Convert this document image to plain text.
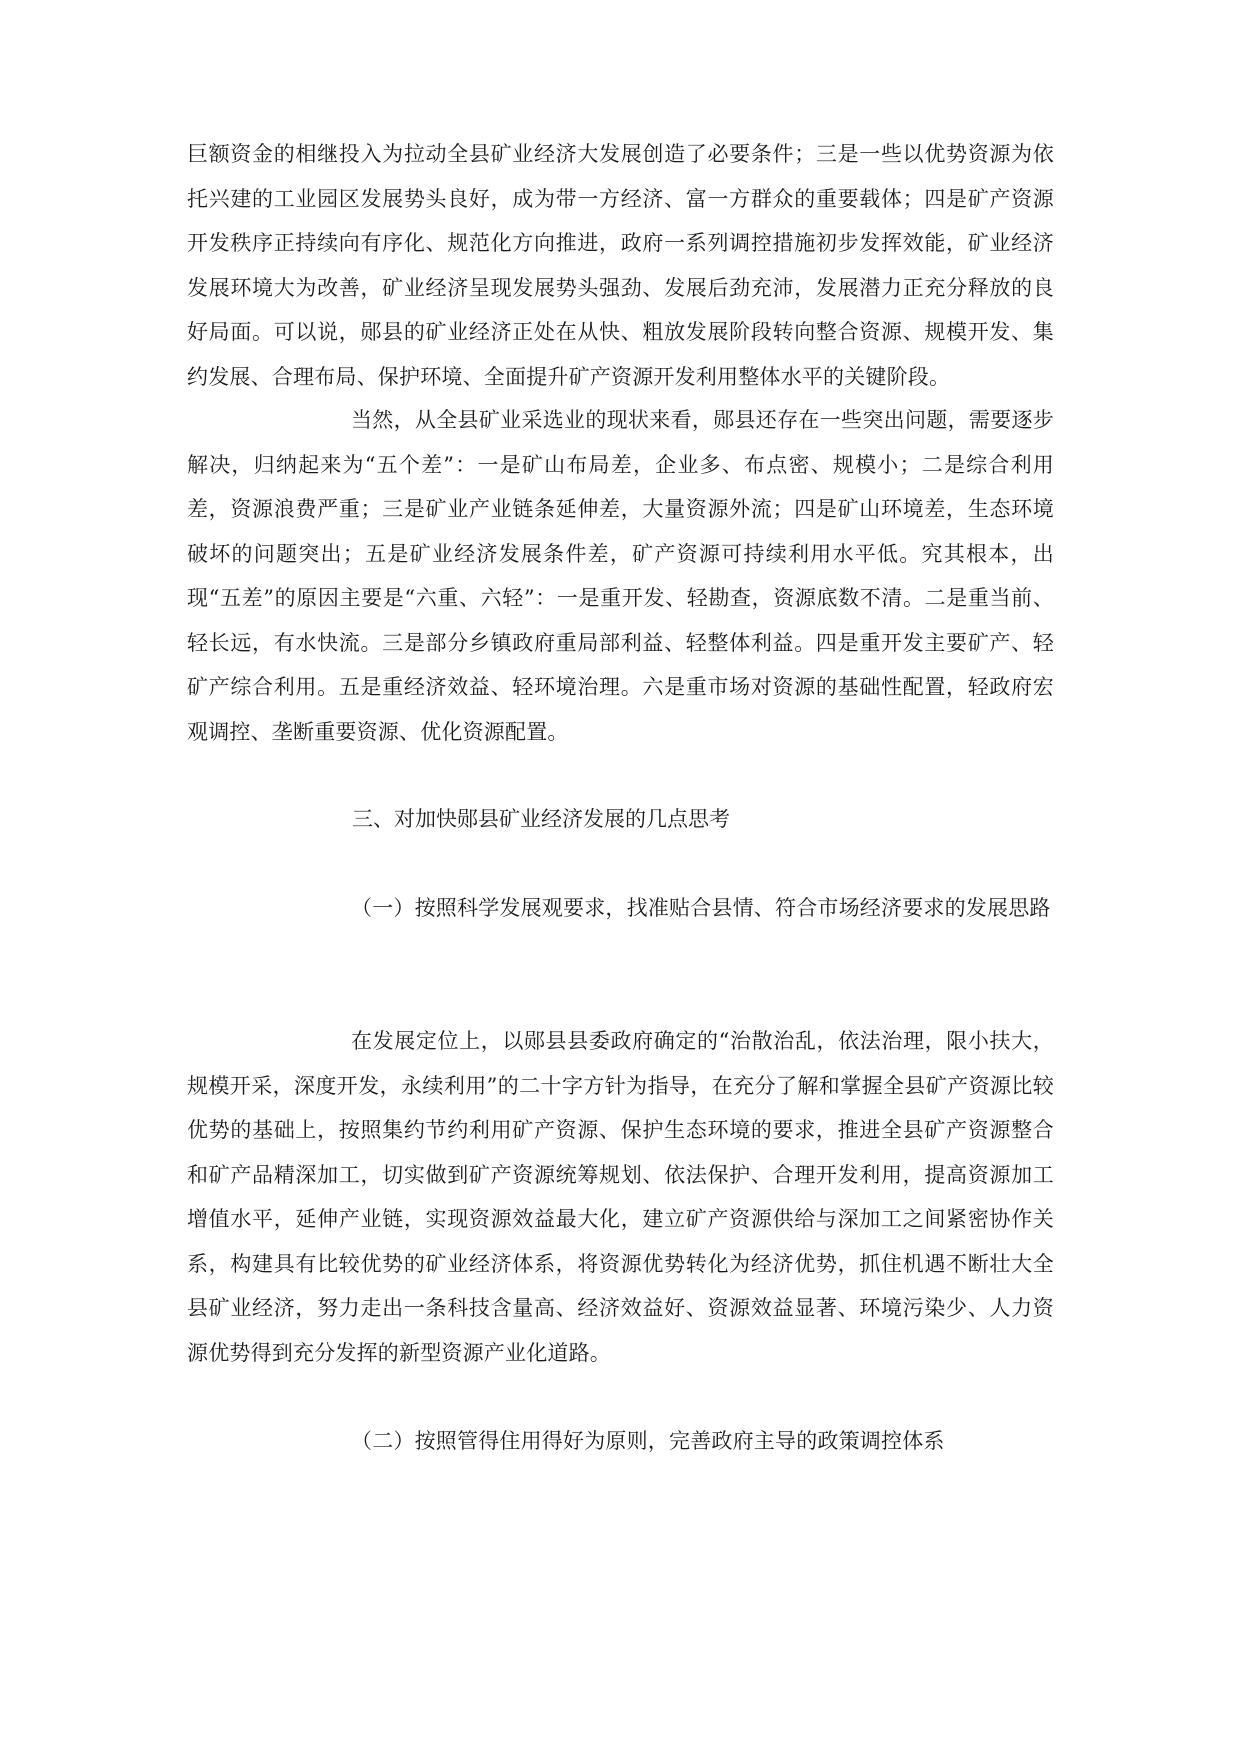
巨额资金的相继投入为拉动全县矿业经济大发展创造了必要条件；三是一些以优势资源为依托兴建的工业园区发展势头良好，成为带一方经济、富一方群众的重要载体；四是矿产资源开发秩序正持续向有序化、规范化方向推进，政府一系列调控措施初步发挥效能，矿业经济发展环境大为改善，矿业经济呈现发展势头强劲、发展后劲充沛，发展潜力正充分释放的良好局面。可以说，郧县的矿业经济正处在从快、粗放发展阶段转向整合资源、规模开发、集约发展、合理布局、保护环境、全面提升矿产资源开发利用整体水平的关键阶段。

当然，从全县矿业采选业的现状来看，郧县还存在一些突出问题，需要逐步解决，归纳起来为“五个差”：一是矿山布局差，企业多、布点密、规模小；二是综合利用差，资源浪费严重；三是矿业产业链条延伸差，大量资源外流；四是矿山环境差，生态环境破坏的问题突出；五是矿业经济发展条件差，矿产资源可持续利用水平低。究其根本，出现“五差”的原因主要是“六重、六轻”：一是重开发、轻勘查，资源底数不清。二是重当前、轻长远，有水快流。三是部分乡镇政府重局部利益、轻整体利益。四是重开发主要矿产、轻矿产综合利用。五是重经济效益、轻环境治理。六是重市场对资源的基础性配置，轻政府宏观调控、垄断重要资源、优化资源配置。

三、对加快郧县矿业经济发展的几点思考

（一）按照科学发展观要求，找准贴合县情、符合市场经济要求的发展思路

在发展定位上，以郧县县委政府确定的“治散治乱，依法治理，限小扶大，规模开采，深度开发，永续利用”的二十字方针为指导，在充分了解和掌握全县矿产资源比较优势的基础上，按照集约节约利用矿产资源、保护生态环境的要求，推进全县矿产资源整合和矿产品精深加工，切实做到矿产资源统筹规划、依法保护、合理开发利用，提高资源加工增值水平，延伸产业链，实现资源效益最大化，建立矿产资源供给与深加工之间紧密协作关系，构建具有比较优势的矿业经济体系，将资源优势转化为经济优势，抓住机遇不断壮大全县矿业经济，努力走出一条科技含量高、经济效益好、资源效益显著、环境污染少、人力资源优势得到充分发挥的新型资源产业化道路。

（二）按照管得住用得好为原则，完善政府主导的政策调控体系
